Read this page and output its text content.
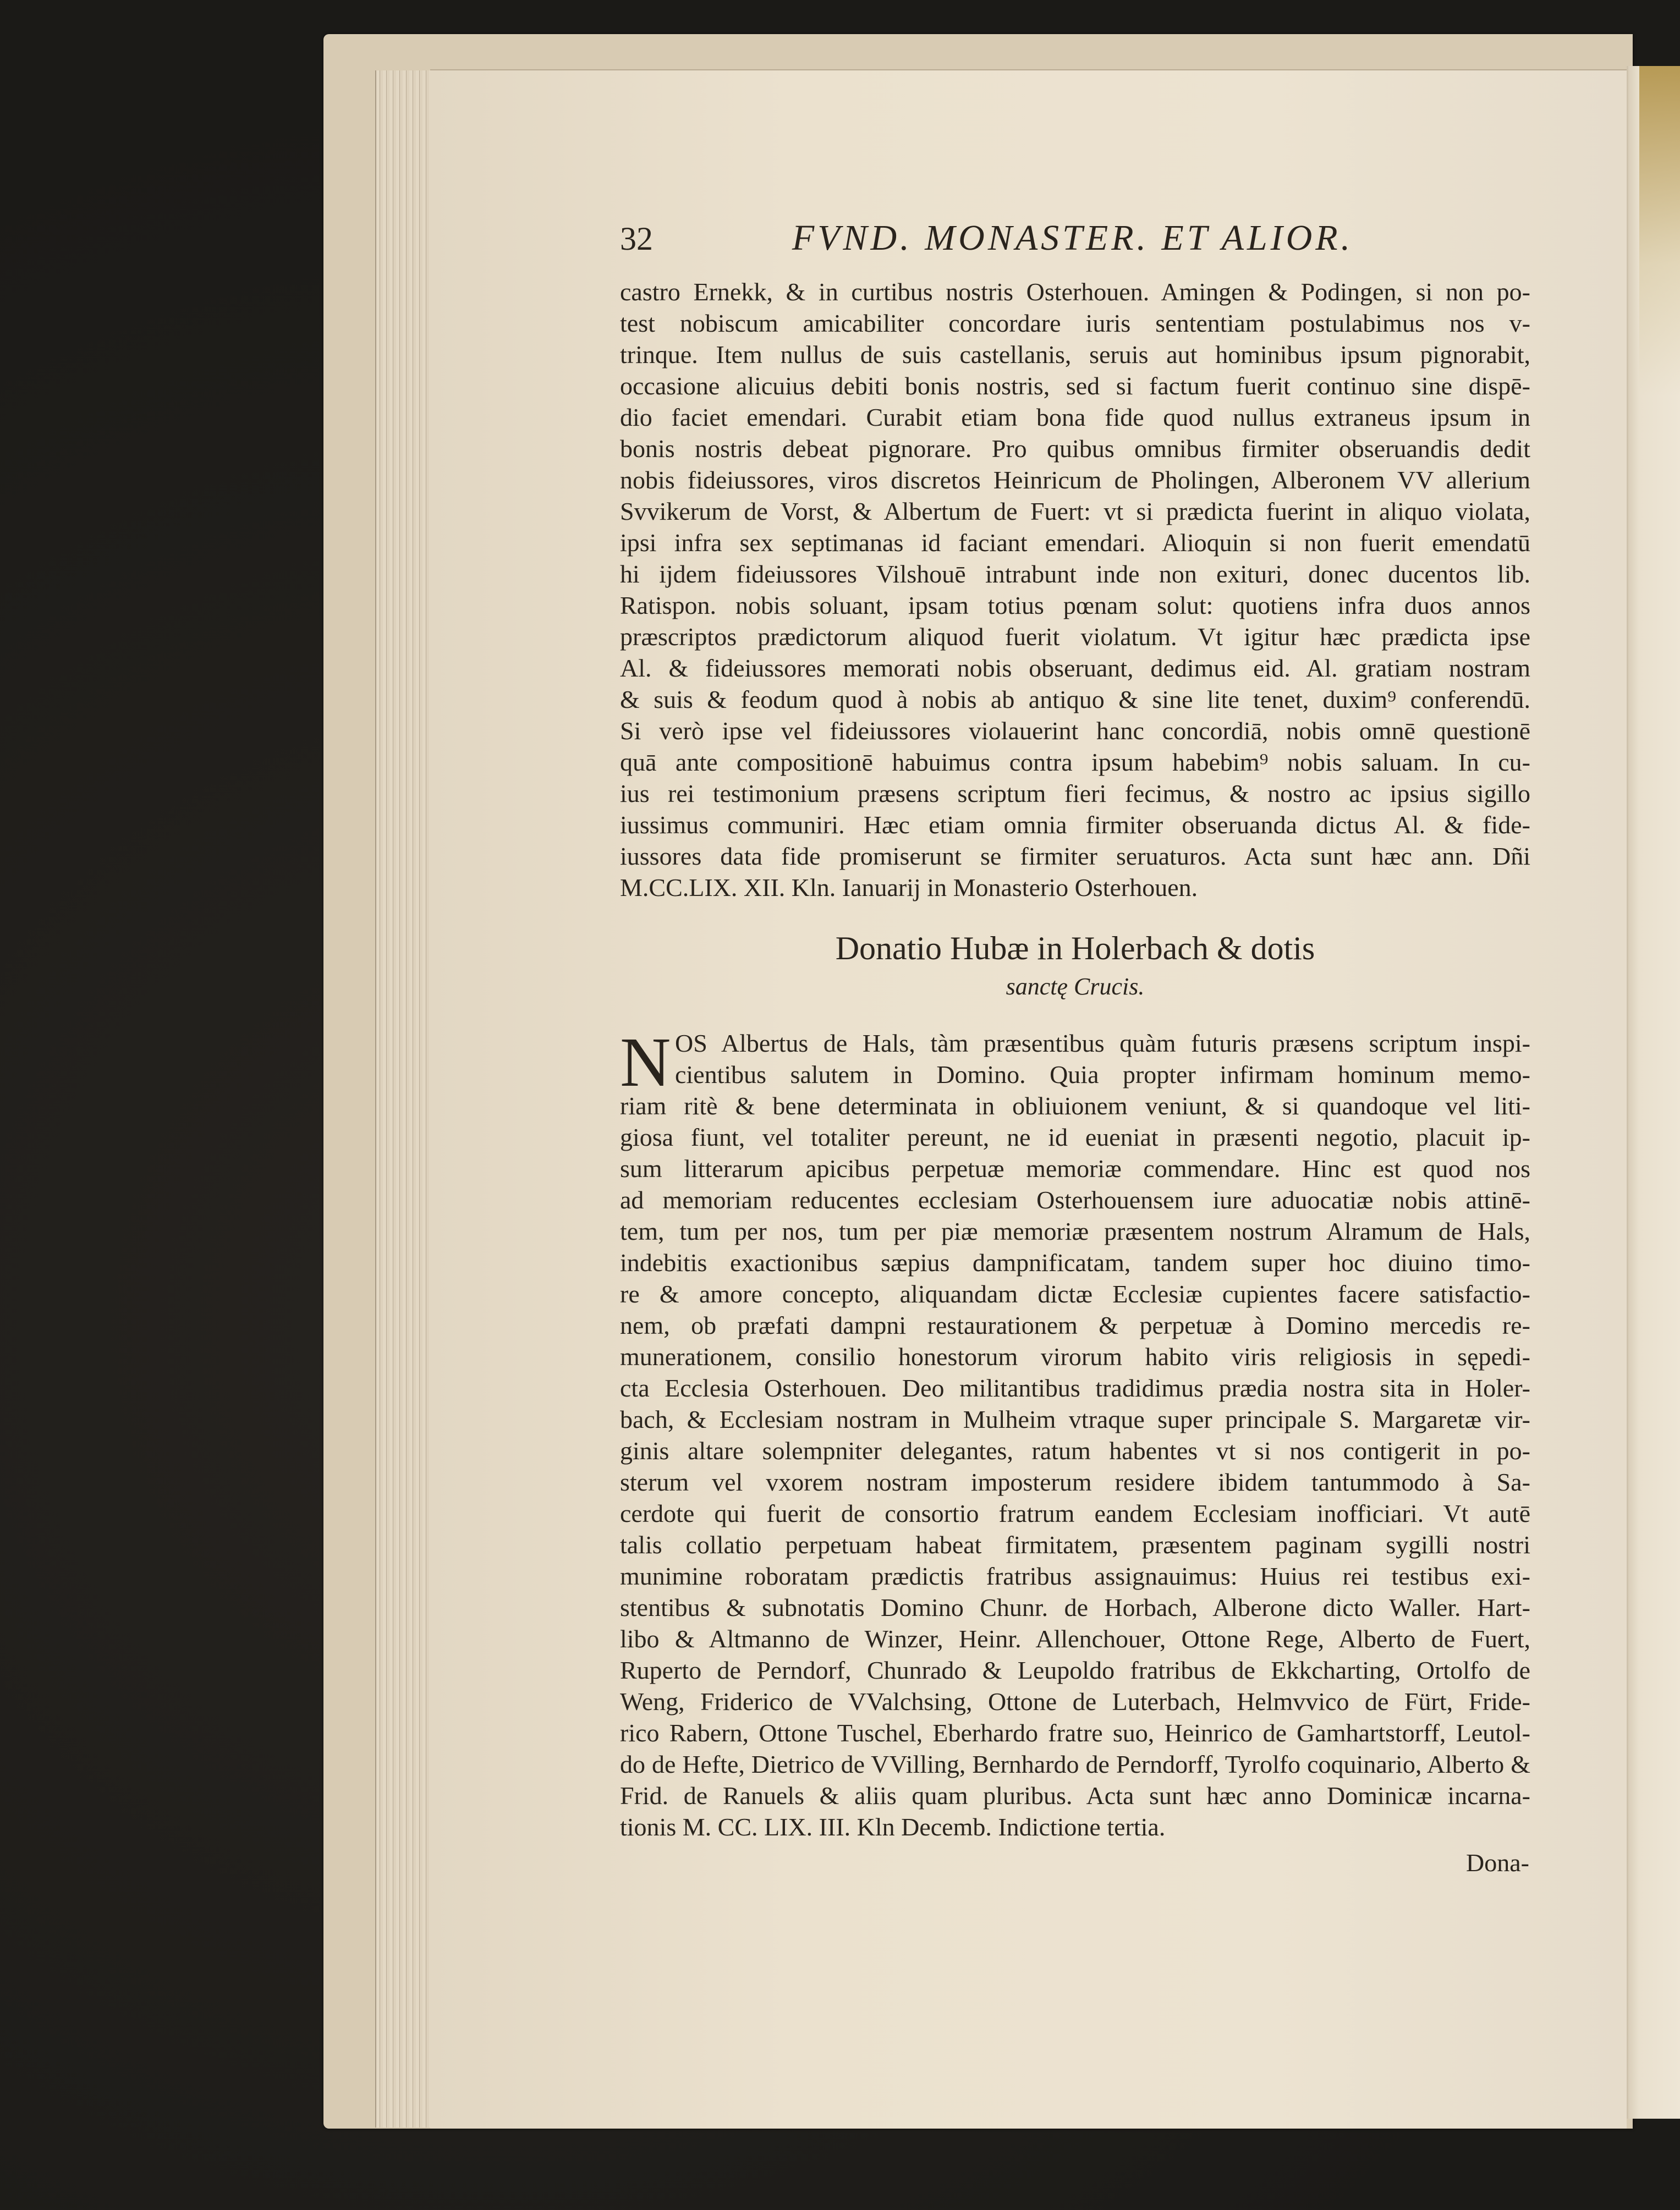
32	FVND. MONASTER. ET ALIOR.
castro Ernekk, & in curtibus nostris Osterhouen. Amingen & Podingen, si non po-
test nobiscum amicabiliter concordare iuris sententiam postulabimus nos v-
trinque. Item nullus de suis castellanis, seruis aut hominibus ipsum pignorabit,
occasione alicuius debiti bonis nostris, sed si factum fuerit continuo sine dispē-
dio faciet emendari. Curabit etiam bona fide quod nullus extraneus ipsum in
bonis nostris debeat pignorare. Pro quibus omnibus firmiter obseruandis dedit
nobis fideiussores, viros discretos Heinricum de Pholingen, Alberonem VV allerium
Svvikerum de Vorst, & Albertum de Fuert: vt si prædicta fuerint in aliquo violata,
ipsi infra sex septimanas id faciant emendari. Alioquin si non fuerit emendatū
hi ijdem fideiussores Vilshouē intrabunt inde non exituri, donec ducentos lib.
Ratispon. nobis soluant, ipsam totius pœnam solut: quotiens infra duos annos
præscriptos prædictorum aliquod fuerit violatum. Vt igitur hæc prædicta ipse
Al. & fideiussores memorati nobis obseruant, dedimus eid. Al. gratiam nostram
& suis & feodum quod à nobis ab antiquo & sine lite tenet, duxim⁹ conferendū.
Si verò ipse vel fideiussores violauerint hanc concordiā, nobis omnē questionē
quā ante compositionē habuimus contra ipsum habebim⁹ nobis saluam. In cu-
ius rei testimonium præsens scriptum fieri fecimus, & nostro ac ipsius sigillo
iussimus communiri. Hæc etiam omnia firmiter obseruanda dictus Al. & fide-
iussores data fide promiserunt se firmiter seruaturos. Acta sunt hæc ann. Dñi
M.CC.LIX. XII. Kln. Ianuarij in Monasterio Osterhouen.
Donatio Hubæ in Holerbach & dotis
sanctę Crucis.
N OS Albertus de Hals, tàm præsentibus quàm futuris præsens scriptum inspi-
cientibus salutem in Domino. Quia propter infirmam hominum memo-
riam ritè & bene determinata in obliuionem veniunt, & si quandoque vel liti-
giosa fiunt, vel totaliter pereunt, ne id eueniat in præsenti negotio, placuit ip-
sum litterarum apicibus perpetuæ memoriæ commendare. Hinc est quod nos
ad memoriam reducentes ecclesiam Osterhouensem iure aduocatiæ nobis attinē-
tem, tum per nos, tum per piæ memoriæ præsentem nostrum Alramum de Hals,
indebitis exactionibus sæpius dampnificatam, tandem super hoc diuino timo-
re & amore concepto, aliquandam dictæ Ecclesiæ cupientes facere satisfactio-
nem, ob præfati dampni restaurationem & perpetuæ à Domino mercedis re-
munerationem, consilio honestorum virorum habito viris religiosis in sępedi-
cta Ecclesia Osterhouen. Deo militantibus tradidimus prædia nostra sita in Holer-
bach, & Ecclesiam nostram in Mulheim vtraque super principale S. Margaretæ vir-
ginis altare solempniter delegantes, ratum habentes vt si nos contigerit in po-
sterum vel vxorem nostram imposterum residere ibidem tantummodo à Sa-
cerdote qui fuerit de consortio fratrum eandem Ecclesiam inofficiari. Vt autē
talis collatio perpetuam habeat firmitatem, præsentem paginam sygilli nostri
munimine roboratam prædictis fratribus assignauimus: Huius rei testibus exi-
stentibus & subnotatis Domino Chunr. de Horbach, Alberone dicto Waller. Hart-
libo & Altmanno de Winzer, Heinr. Allenchouer, Ottone Rege, Alberto de Fuert,
Ruperto de Perndorf, Chunrado & Leupoldo fratribus de Ekkcharting, Ortolfo de
Weng, Friderico de VValchsing, Ottone de Luterbach, Helmvvico de Fürt, Fride-
rico Rabern, Ottone Tuschel, Eberhardo fratre suo, Heinrico de Gamhartstorff, Leutol-
do de Hefte, Dietrico de VVilling, Bernhardo de Perndorff, Tyrolfo coquinario, Alberto &
Frid. de Ranuels & aliis quam pluribus. Acta sunt hæc anno Dominicæ incarna-
tionis M. CC. LIX. III. Kln Decemb. Indictione tertia.
Dona-
